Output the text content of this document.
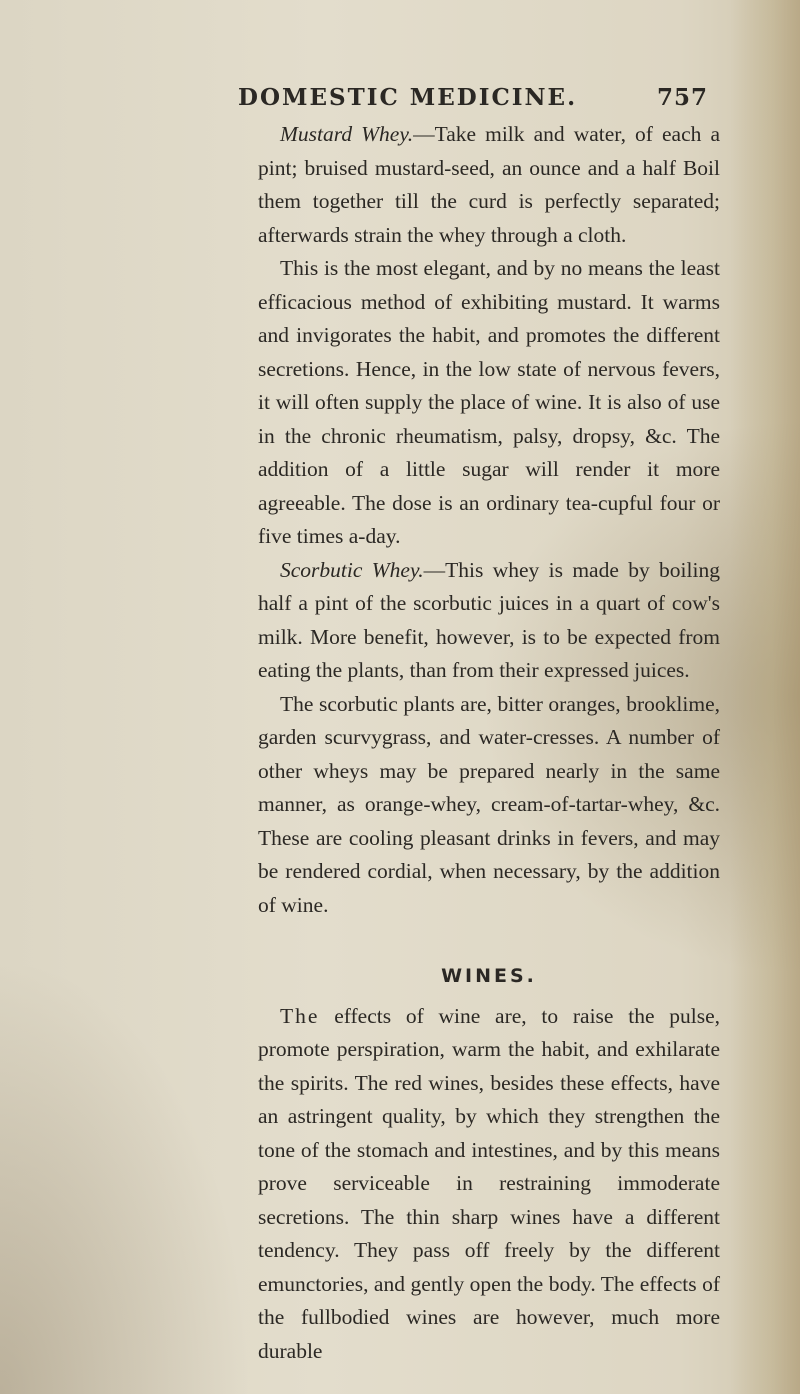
DOMESTIC MEDICINE.	757

Mustard Whey.—Take milk and water, of each a pint; bruised mustard-seed, an ounce and a half Boil them together till the curd is perfectly separated; afterwards strain the whey through a cloth.

This is the most elegant, and by no means the least efficacious method of exhibiting mustard. It warms and invigorates the habit, and promotes the different secretions. Hence, in the low state of nervous fevers, it will often supply the place of wine. It is also of use in the chronic rheumatism, palsy, dropsy, &c. The addition of a little sugar will render it more agreeable. The dose is an ordinary tea-cupful four or five times a-day.

Scorbutic Whey.—This whey is made by boiling half a pint of the scorbutic juices in a quart of cow's milk. More benefit, however, is to be expected from eating the plants, than from their expressed juices.

The scorbutic plants are, bitter oranges, brooklime, garden scurvygrass, and water-cresses. A number of other wheys may be prepared nearly in the same manner, as orange-whey, cream-of-tartar-whey, &c. These are cooling pleasant drinks in fevers, and may be rendered cordial, when necessary, by the addition of wine.

WINES.

The effects of wine are, to raise the pulse, promote perspiration, warm the habit, and exhilarate the spirits. The red wines, besides these effects, have an astringent quality, by which they strengthen the tone of the stomach and intestines, and by this means prove serviceable in restraining immoderate secretions. The thin sharp wines have a different tendency. They pass off freely by the different emunctories, and gently open the body. The effects of the fullbodied wines are however, much more durable
